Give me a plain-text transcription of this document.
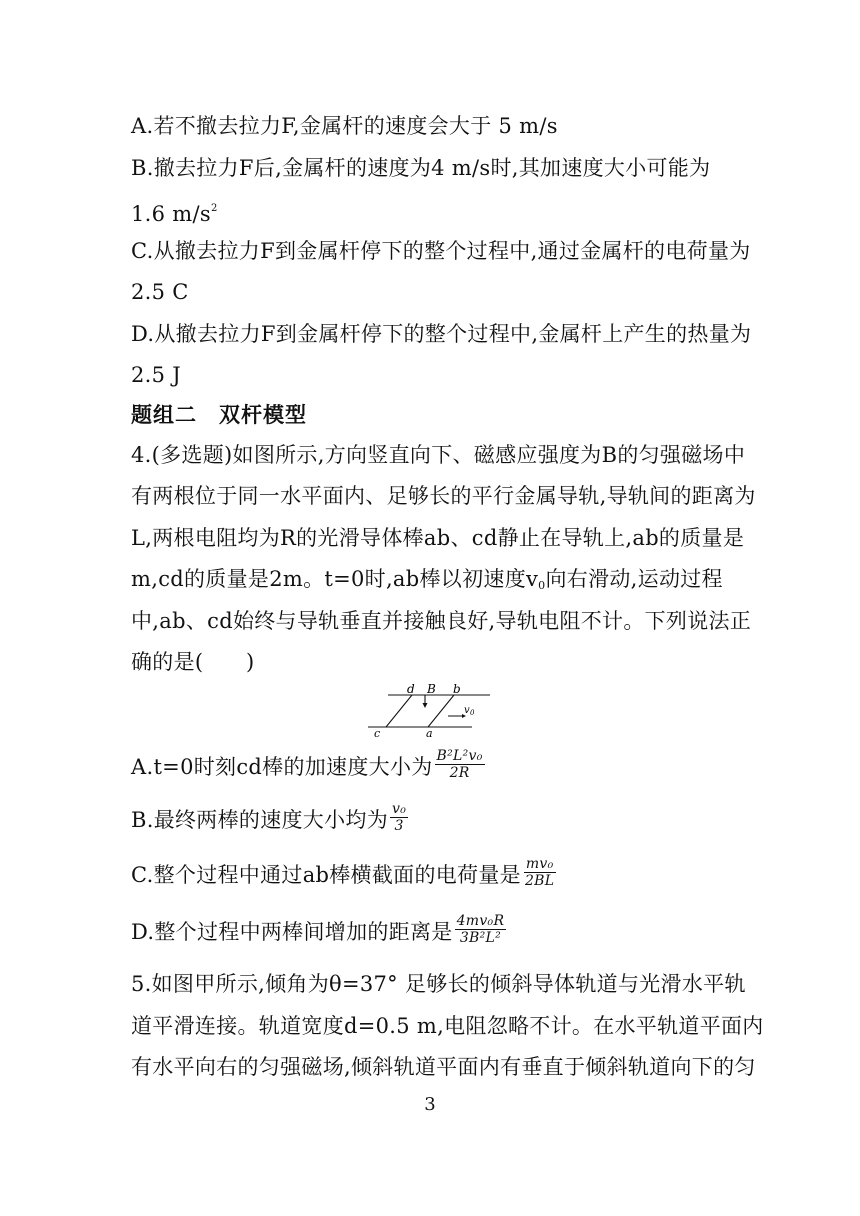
A.若不撤去拉力F,金属杆的速度会大于 5 m/s
B.撤去拉力F后,金属杆的速度为4 m/s时,其加速度大小可能为
1.6 $m/s^2$
C.从撤去拉力F到金属杆停下的整个过程中,通过金属杆的电荷量为
2.5 C
D.从撤去拉力F到金属杆停下的整个过程中,金属杆上产生的热量为
2.5 J
题组二　双杆模型
4.(多选题)如图所示,方向竖直向下、磁感应强度为B的匀强磁场中
有两根位于同一水平面内、足够长的平行金属导轨,导轨间的距离为
L,两根电阻均为R的光滑导体棒ab、cd静止在导轨上,ab的质量是
m,cd的质量是2m。t=0时,ab棒以初速度$v_0$向右滑动,运动过程
中,ab、cd始终与导轨垂直并接触良好,导轨电阻不计。下列说法正
确的是(　　)
d B b
v 0
c	a
A.t=0时刻cd棒的加速度大小为 $\frac{\text{B²L²v₀}}{2R}$
B.最终两棒的速度大小均为 $\frac{\text{v₀}}{3}$
C.整个过程中通过ab棒横截面的电荷量是 $\frac{\text{mv₀}}{2BL}$
D.整个过程中两棒间增加的距离是 $\frac{\text{4mv₀R}}{\text{3B²L²}}$
5.如图甲所示,倾角为θ=37° 足够长的倾斜导体轨道与光滑水平轨
道平滑连接。轨道宽度d=0.5 m,电阻忽略不计。在水平轨道平面内
有水平向右的匀强磁场,倾斜轨道平面内有垂直于倾斜轨道向下的匀
3
